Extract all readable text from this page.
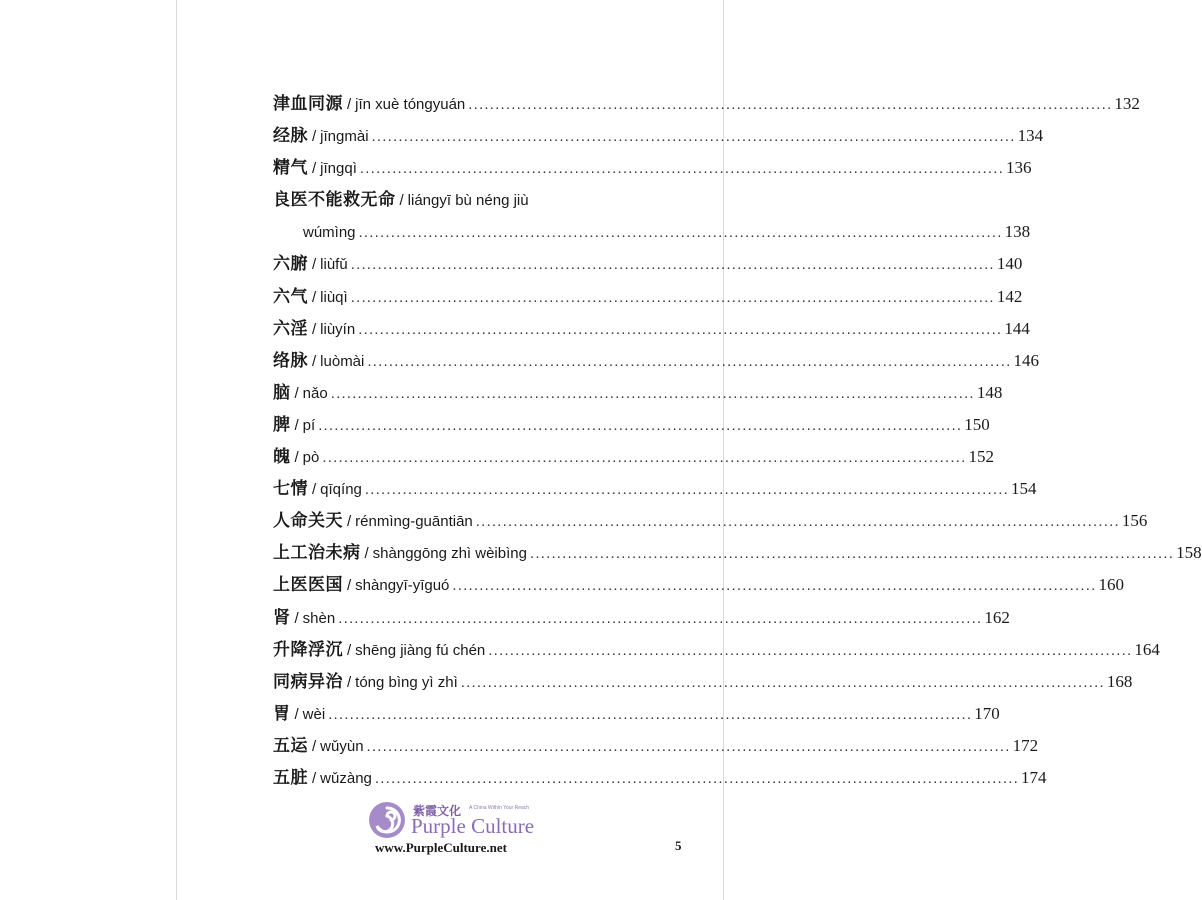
津血同源 / jīn xuè tóngyuán ........................................................................................................................ 132
经脉 / jīngmài ........................................................................................................................ 134
精气 / jīngqì ........................................................................................................................ 136
良医不能救无命 / liángyī bù néng jiù
wúmìng ........................................................................................................................ 138
六腑 / liùfǔ ........................................................................................................................ 140
六气 / liùqì ........................................................................................................................ 142
六淫 / liùyín ........................................................................................................................ 144
络脉 / luòmài ........................................................................................................................ 146
脑 / nǎo ........................................................................................................................ 148
脾 / pí ........................................................................................................................ 150
魄 / pò ........................................................................................................................ 152
七情 / qīqíng ........................................................................................................................ 154
人命关天 / rénmìng-guāntiān ........................................................................................................................ 156
上工治未病 / shànggōng zhì wèibìng ........................................................................................................................ 158
上医医国 / shàngyī-yīguó ........................................................................................................................ 160
肾 / shèn ........................................................................................................................ 162
升降浮沉 / shēng jiàng fú chén ........................................................................................................................ 164
同病异治 / tóng bìng yì zhì ........................................................................................................................ 168
胃 / wèi ........................................................................................................................ 170
五运 / wǔyùn ........................................................................................................................ 172
五脏 / wǔzàng ........................................................................................................................ 174
紫霞文化 A China Within Your Reach
Purple Culture
www.PurpleCulture.net	5
